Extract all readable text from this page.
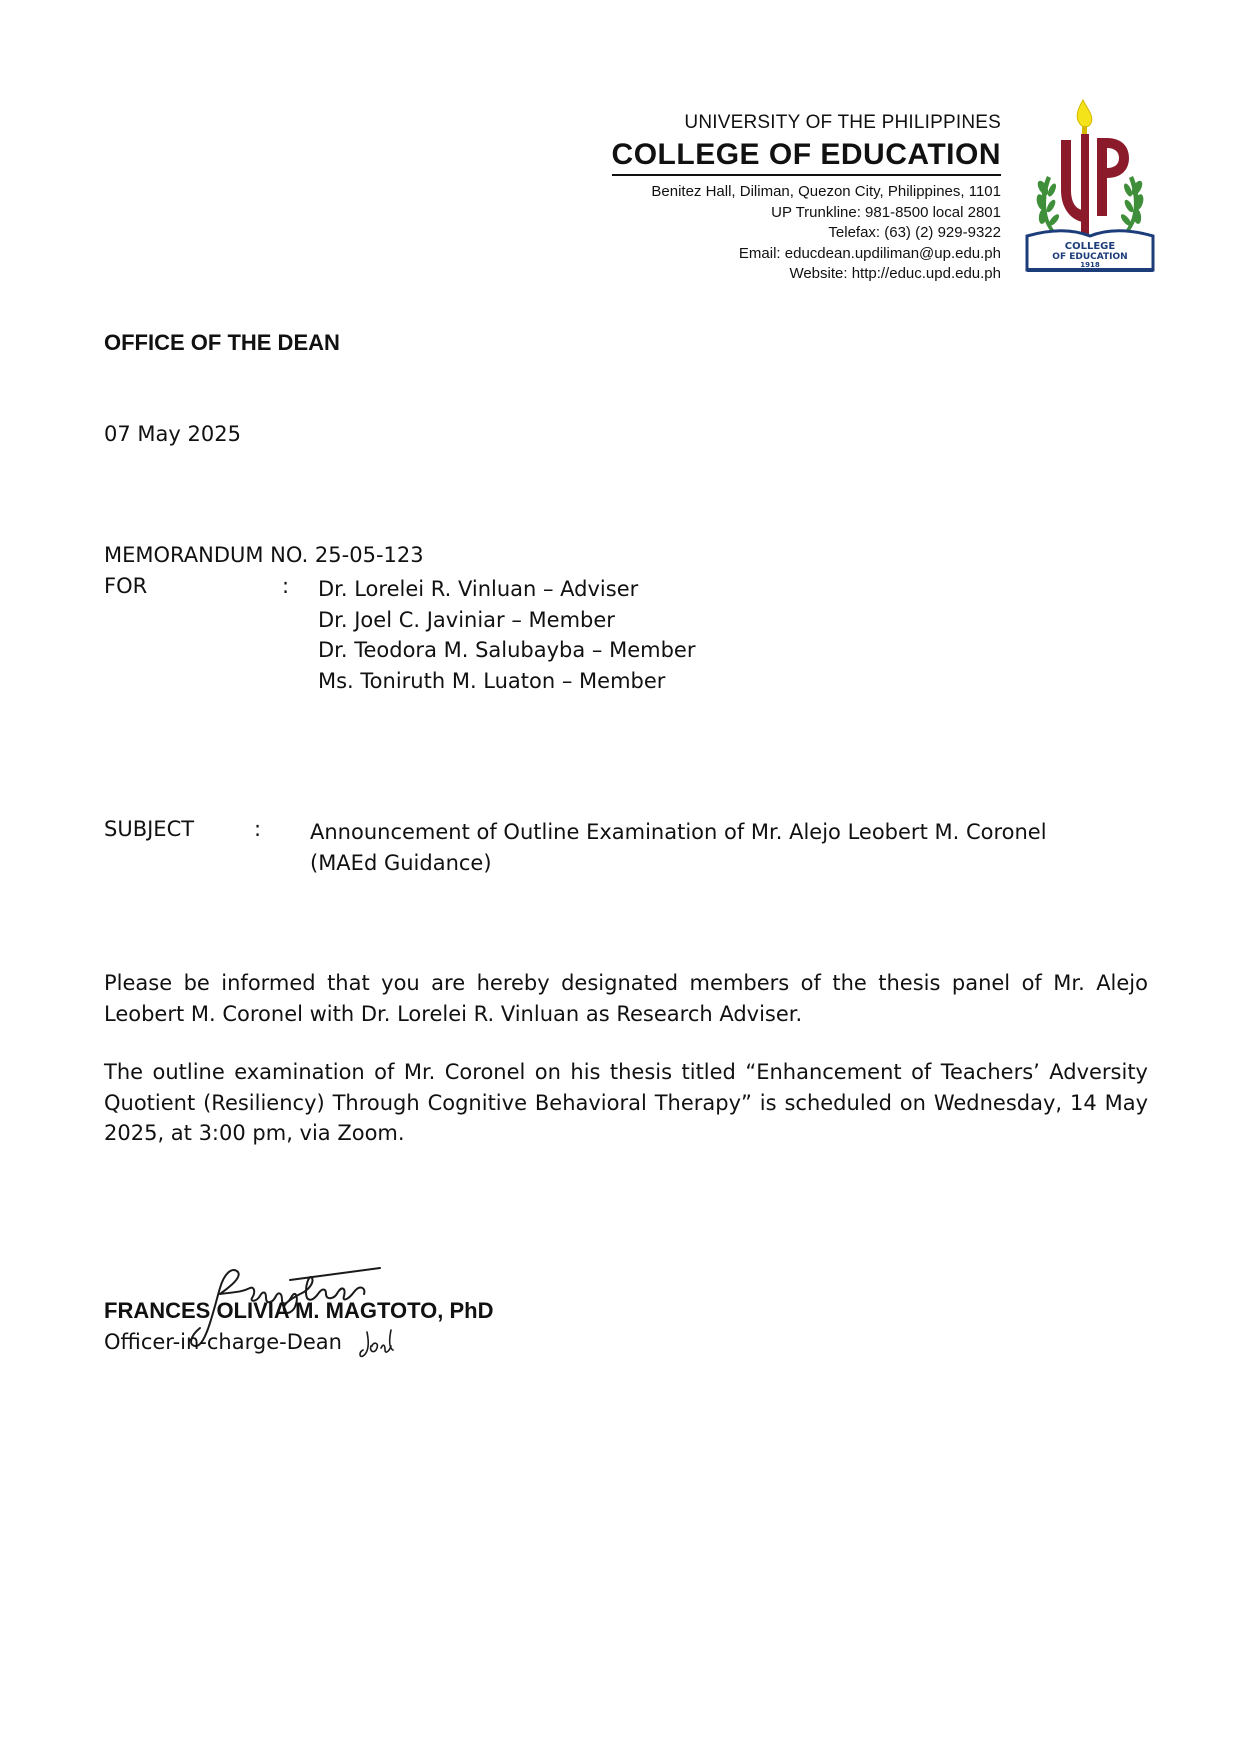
UNIVERSITY OF THE PHILIPPINES
COLLEGE OF EDUCATION
Benitez Hall, Diliman, Quezon City, Philippines, 1101
UP Trunkline: 981-8500 local 2801
Telefax: (63) (2) 929-9322
Email: educdean.updiliman@up.edu.ph
Website: http://educ.upd.edu.ph
COLLEGE
OF EDUCATION
1918
OFFICE OF THE DEAN
07 May 2025
MEMORANDUM NO. 25-05-123
FOR	: Dr. Lorelei R. Vinluan – Adviser
Dr. Joel C. Javiniar – Member
Dr. Teodora M. Salubayba – Member
Ms. Toniruth M. Luaton – Member
SUBJECT	: Announcement of Outline Examination of Mr. Alejo Leobert M. Coronel
(MAEd Guidance)
Please be informed that you are hereby designated members of the thesis panel of Mr. Alejo Leobert M. Coronel with Dr. Lorelei R. Vinluan as Research Adviser.
The outline examination of Mr. Coronel on his thesis titled “Enhancement of Teachers’ Adversity Quotient (Resiliency) Through Cognitive Behavioral Therapy” is scheduled on Wednesday, 14 May 2025, at 3:00 pm, via Zoom.
FRANCES OLIVIA M. MAGTOTO, PhD
Officer-in-charge-Dean
